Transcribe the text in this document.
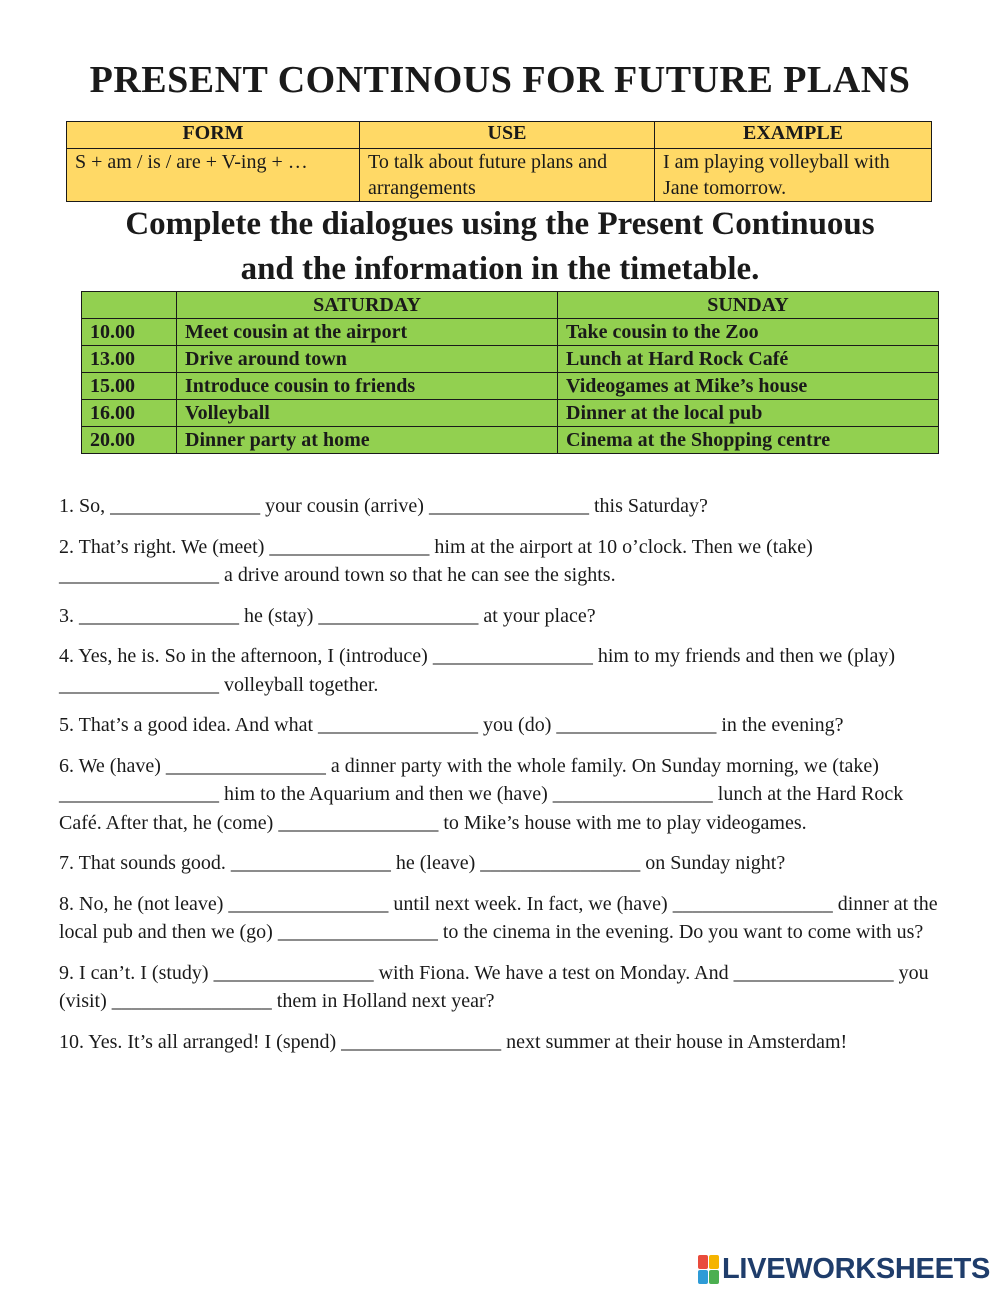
PRESENT CONTINOUS FOR FUTURE PLANS
FORM	USE	EXAMPLE
S + am / is / are + V-ing + …	To talk about future plans and arrangements	I am playing volleyball with Jane tomorrow.
Complete the dialogues using the Present Continuous
and the information in the timetable.
	SATURDAY	SUNDAY
10.00	Meet cousin at the airport	Take cousin to the Zoo
13.00	Drive around town	Lunch at Hard Rock Café
15.00	Introduce cousin to friends	Videogames at Mike’s house
16.00	Volleyball	Dinner at the local pub
20.00	Dinner party at home	Cinema at the Shopping centre

1. So, _______________ your cousin (arrive) ________________ this Saturday?

2. That’s right. We (meet) ________________ him at the airport at 10 o’clock. Then we (take) ________________ a drive around town so that he can see the sights.

3. ________________ he (stay) ________________ at your place?

4. Yes, he is. So in the afternoon, I (introduce) ________________ him to my friends and then we (play) ________________ volleyball together.

5. That’s a good idea. And what ________________ you (do) ________________ in the evening?

6. We (have) ________________ a dinner party with the whole family. On Sunday morning, we (take) ________________ him to the Aquarium and then we (have) ________________ lunch at the Hard Rock Café. After that, he (come) ________________ to Mike’s house with me to play videogames.

7. That sounds good. ________________ he (leave) ________________ on Sunday night?

8. No, he (not leave) ________________ until next week. In fact, we (have) ________________ dinner at the local pub and then we (go) ________________ to the cinema in the evening. Do you want to come with us?

9. I can’t. I (study) ________________ with Fiona. We have a test on Monday. And ________________ you (visit) ________________ them in Holland next year?

10. Yes. It’s all arranged! I (spend) ________________ next summer at their house in Amsterdam!

LIVEWORKSHEETS
